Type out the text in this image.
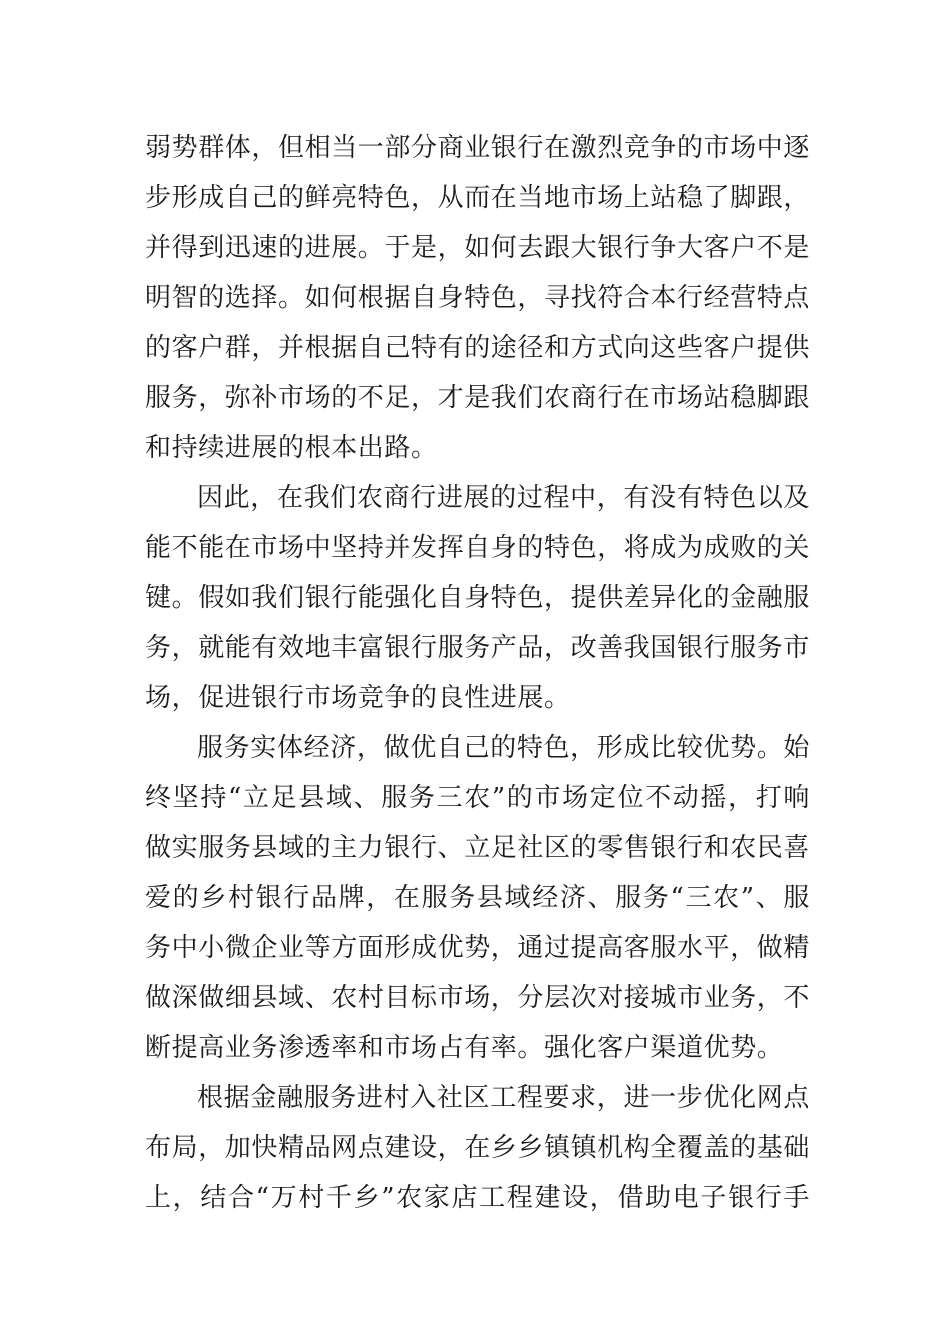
弱势群体，但相当一部分商业银行在激烈竞争的市场中逐
步形成自己的鲜亮特色，从而在当地市场上站稳了脚跟，
并得到迅速的进展。于是，如何去跟大银行争大客户不是
明智的选择。如何根据自身特色，寻找符合本行经营特点
的客户群，并根据自己特有的途径和方式向这些客户提供
服务，弥补市场的不足，才是我们农商行在市场站稳脚跟
和持续进展的根本出路。
因此，在我们农商行进展的过程中，有没有特色以及
能不能在市场中坚持并发挥自身的特色，将成为成败的关
键。假如我们银行能强化自身特色，提供差异化的金融服
务，就能有效地丰富银行服务产品，改善我国银行服务市
场，促进银行市场竞争的良性进展。
服务实体经济，做优自己的特色，形成比较优势。始
终坚持“立足县域、服务三农”的市场定位不动摇，打响
做实服务县域的主力银行、立足社区的零售银行和农民喜
爱的乡村银行品牌，在服务县域经济、服务“三农”、服
务中小微企业等方面形成优势，通过提高客服水平，做精
做深做细县域、农村目标市场，分层次对接城市业务，不
断提高业务渗透率和市场占有率。强化客户渠道优势。
根据金融服务进村入社区工程要求，进一步优化网点
布局，加快精品网点建设，在乡乡镇镇机构全覆盖的基础
上，结合“万村千乡”农家店工程建设，借助电子银行手
